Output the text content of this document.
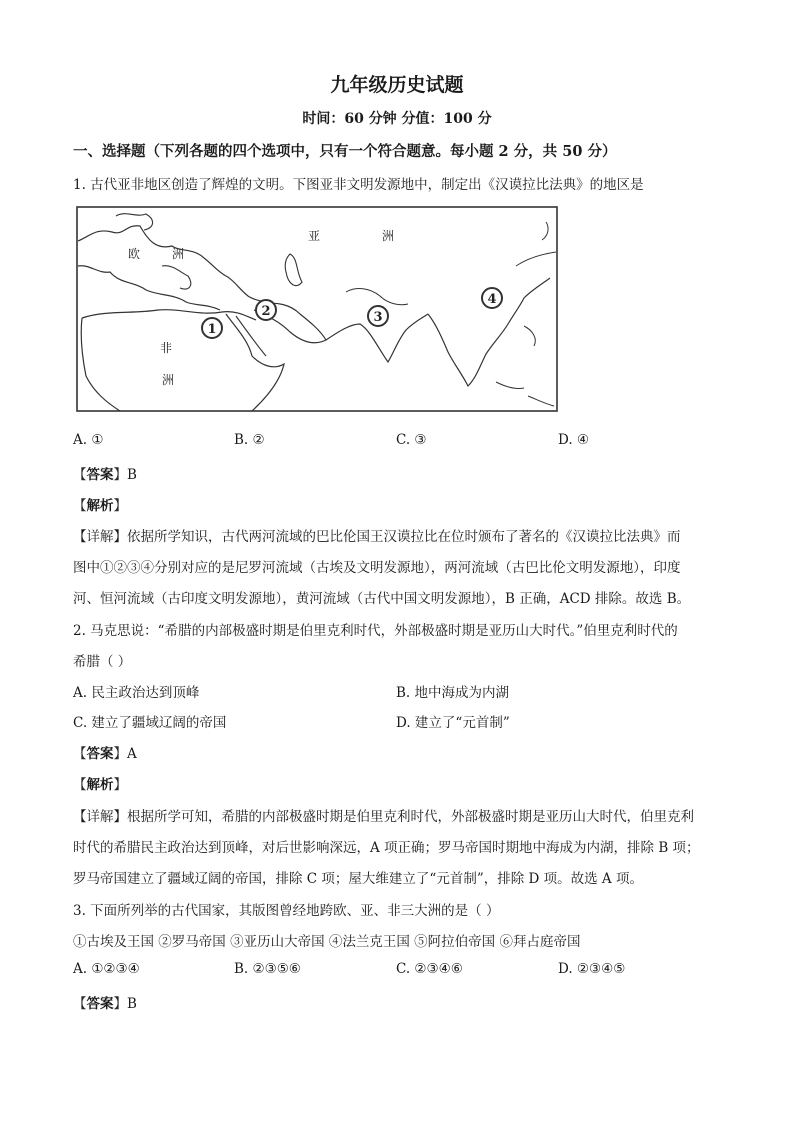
九年级历史试题
时间：60 分钟 分值：100 分
一、选择题（下列各题的四个选项中，只有一个符合题意。每小题 2 分，共 50 分）
1. 古代亚非地区创造了辉煌的文明。下图亚非文明发源地中，制定出《汉谟拉比法典》的地区是
欧	洲
亚	洲
非
洲
1
2	3
4
A. ①	B. ②	C. ③	D. ④
【答案】B
【解析】
【详解】依据所学知识，古代两河流域的巴比伦国王汉谟拉比在位时颁布了著名的《汉谟拉比法典》而
图中①②③④分别对应的是尼罗河流域（古埃及文明发源地），两河流域（古巴比伦文明发源地），印度
河、恒河流域（古印度文明发源地），黄河流域（古代中国文明发源地），B 正确，ACD 排除。故选 B。
2. 马克思说：“希腊的内部极盛时期是伯里克利时代，外部极盛时期是亚历山大时代。”伯里克利时代的
希腊（ ）
A. 民主政治达到顶峰	B. 地中海成为内湖
C. 建立了疆域辽阔的帝国	D. 建立了“元首制”
【答案】A
【解析】
【详解】根据所学可知，希腊的内部极盛时期是伯里克利时代，外部极盛时期是亚历山大时代，伯里克利
时代的希腊民主政治达到顶峰，对后世影响深远，A 项正确；罗马帝国时期地中海成为内湖，排除 B 项；
罗马帝国建立了疆域辽阔的帝国，排除 C 项；屋大维建立了“元首制”，排除 D 项。故选 A 项。
3. 下面所列举的古代国家，其版图曾经地跨欧、亚、非三大洲的是（ ）
①古埃及王国 ②罗马帝国 ③亚历山大帝国 ④法兰克王国 ⑤阿拉伯帝国 ⑥拜占庭帝国
A. ①②③④	B. ②③⑤⑥	C. ②③④⑥	D. ②③④⑤
【答案】B
